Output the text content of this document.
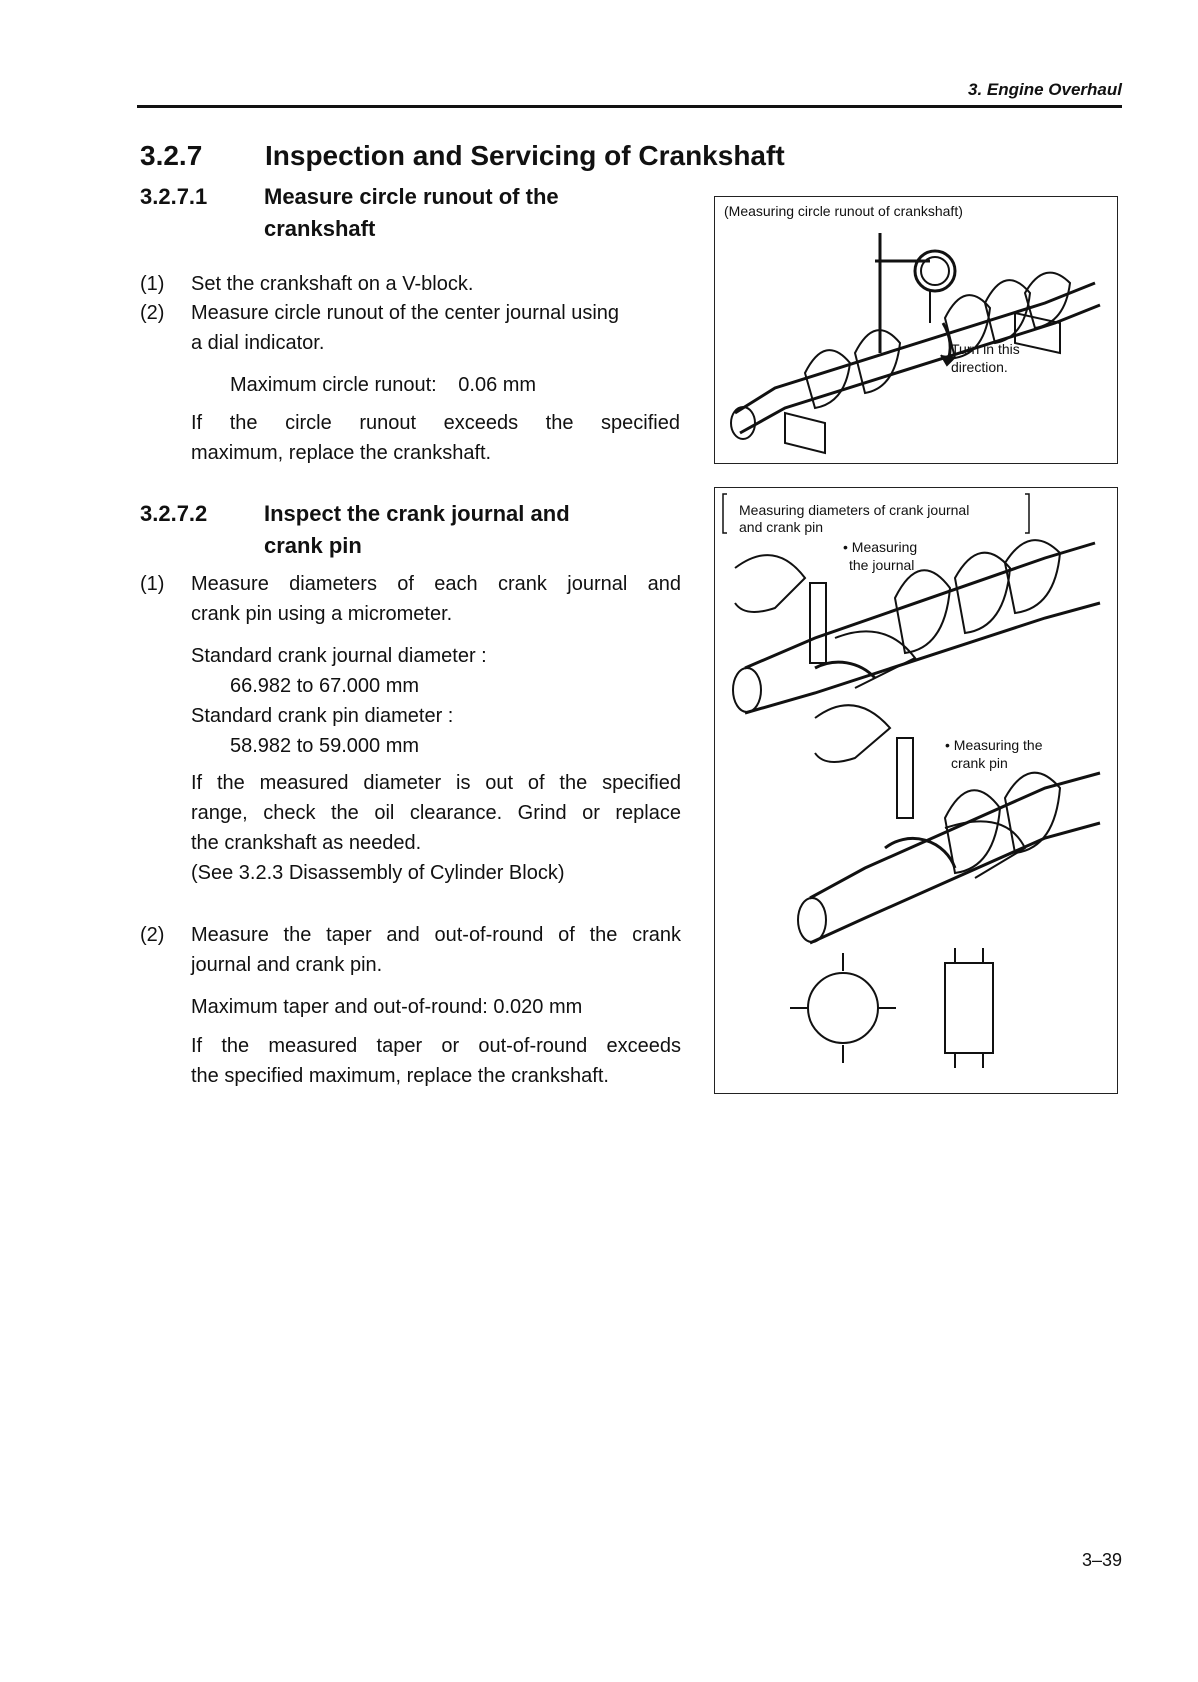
3. Engine Overhaul
3.2.7 Inspection and Servicing of Crankshaft
3.2.7.1	Measure circle runout of the
crankshaft
(1) Set the crankshaft on a V-block.
(2) Measure circle runout of the center journal using
a dial indicator.
Maximum circle runout: 0.06 mm
If the circle runout exceeds the specified
maximum, replace the crankshaft.
3.2.7.2	Inspect the crank journal and
crank pin
(1) Measure diameters of each crank journal and
crank pin using a micrometer.
Standard crank journal diameter :
66.982 to 67.000 mm
Standard crank pin diameter :
58.982 to 59.000 mm
If the measured diameter is out of the specified
range, check the oil clearance. Grind or replace
the crankshaft as needed.
(See 3.2.3 Disassembly of Cylinder Block)
(2) Measure the taper and out-of-round of the crank
journal and crank pin.
Maximum taper and out-of-round: 0.020 mm
If the measured taper or out-of-round exceeds
the specified maximum, replace the crankshaft.
(Measuring circle runout of crankshaft)
Turn in this
direction.
Measuring diameters of crank journal
and crank pin
• Measuring
the journal
• Measuring the
crank pin
3–39
